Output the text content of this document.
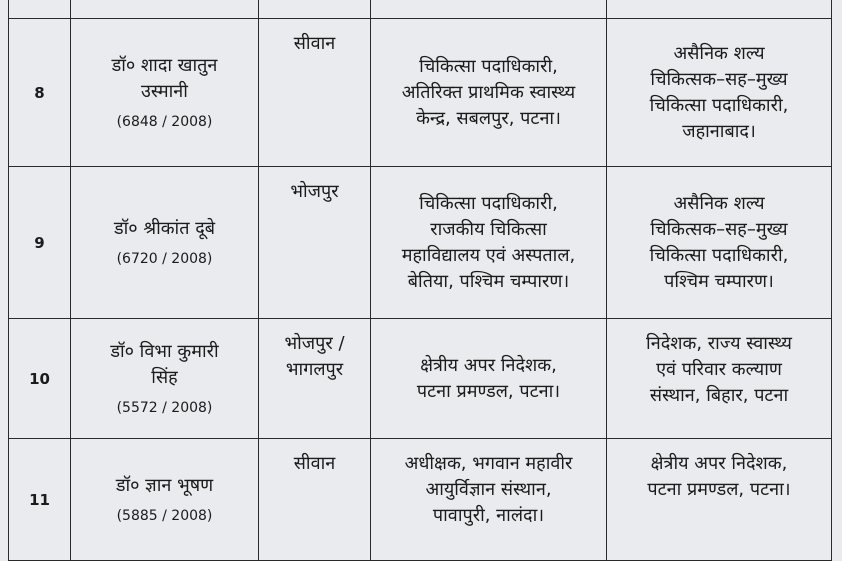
8	डॉ० शादा खातुन
उस्मानी
(6848 / 2008)	सीवान	चिकित्सा पदाधिकारी,
अतिरिक्त प्राथमिक स्वास्थ्य
केन्द्र, सबलपुर, पटना।	असैनिक शल्य
चिकित्सक–सह–मुख्य
चिकित्सा पदाधिकारी,
जहानाबाद।

9	डॉ० श्रीकांत दूबे
(6720 / 2008)	भोजपुर	चिकित्सा पदाधिकारी,
राजकीय चिकित्सा
महाविद्यालय एवं अस्पताल,
बेतिया, पश्चिम चम्पारण।	असैनिक शल्य
चिकित्सक–सह–मुख्य
चिकित्सा पदाधिकारी,
पश्चिम चम्पारण।

10	डॉ० विभा कुमारी
सिंह
(5572 / 2008)	भोजपुर /
भागलपुर	क्षेत्रीय अपर निदेशक,
पटना प्रमण्डल, पटना।	निदेशक, राज्य स्वास्थ्य
एवं परिवार कल्याण
संस्थान, बिहार, पटना

11	डॉ० ज्ञान भूषण
(5885 / 2008)	सीवान	अधीक्षक, भगवान महावीर
आयुर्विज्ञान संस्थान,
पावापुरी, नालंदा।	क्षेत्रीय अपर निदेशक,
पटना प्रमण्डल, पटना।
